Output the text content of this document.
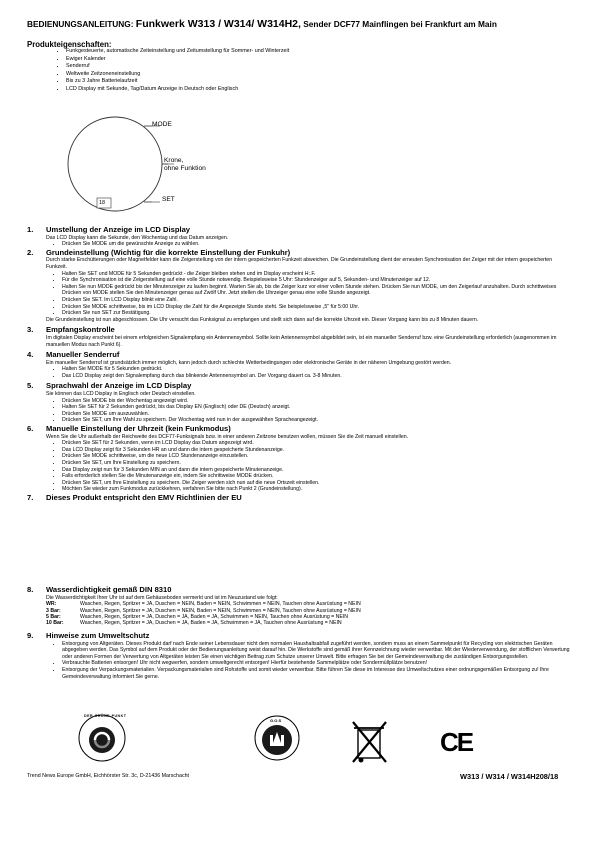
BEDIENUNGSANLEITUNG: Funkwerk W313 / W314/ W314H2, Sender DCF77 Mainflingen bei Frankfurt am Main
Produkteigenschaften:
• Funkgesteuerte, automatische Zeiteinstellung und Zeitumstellung für Sommer- und Winterzeit
• Ewiger Kalender
• Senderruf
• Weltweite Zeitzoneneinstellung
• Bis zu 3 Jahre Batterielaufzeit
• LCD Display mit Sekunde, Tag/Datum Anzeige in Deutsch oder Englisch
MODE
Krone,
ohne Funktion
SET
18
1. Umstellung der Anzeige im LCD Display
Das LCD Display kann die Sekunde, den Wochentag und das Datum anzeigen.
• Drücken Sie MODE um die gewünschte Anzeige zu wählen.
2. Grundeinstellung (Wichtig für die korrekte Einstellung der Funkuhr)
Durch starke Erschütterungen oder Magnetfelder kann die Zeigerstellung von der intern gespeicherten Funkzeit abweichen. Die Grundeinstellung dient der erneuten Synchronisation der Zeiger mit der intern gespeicherten Funkzeit.
• Halten Sie SET und MODE für 5 Sekunden gedrückt - die Zeiger bleiben stehen und im Display erscheint H:.F.
• Für die Synchronisation ist die Zeigerstellung auf eine volle Stunde notwendig. Beispielsweise 5 Uhr: Stundenzeiger auf 5, Sekunden- und Minutenzeiger auf 12.
• Halten Sie nun MODE gedrückt bis der Minutenzeiger zu laufen beginnt. Warten Sie ab, bis die Zeiger kurz vor einer vollen Stunde stehen. Drücken Sie nun MODE, um den Zeigerlauf anzuhalten. Durch schrittweises Drücken von MODE stellen Sie den Minutenzeiger genau auf Zwölf Uhr. Jetzt stellen die Uhrzeiger genau eine volle Stunde angezeigt.
• Drücken Sie SET. Im LCD Display blinkt eine Zahl.
• Drücken Sie MODE schrittweise, bis im LCD Display die Zahl für die Angezeigte Stunde steht. Sie beispielsweise „5" für 5:00 Uhr.
• Drücken Sie nun SET zur Bestätigung.
Die Grundeinstellung ist nun abgeschlossen. Die Uhr versucht das Funksignal zu empfangen und stellt sich dann auf die korrekte Uhrzeit ein. Dieser Vorgang kann bis zu 8 Minuten dauern.
3. Empfangskontrolle
Im digitalen Display erscheint bei einem erfolgreichen Signalempfang ein Antennensymbol. Sollte kein Antennensymbol abgebildet sein, ist ein manueller Senderruf bzw. eine Grundeinstellung erforderlich (ausgenommen im manuellen Modus nach Punkt 6).
4. Manueller Senderruf
Ein manueller Senderruf ist grundsätzlich immer möglich, kann jedoch durch schlechte Wetterbedingungen oder elektronische Geräte in der näheren Umgebung gestört werden.
• Halten Sie MODE für 5 Sekunden gedrückt.
• Das LCD Display zeigt den Signalempfang durch das blinkende Antennensymbol an. Der Vorgang dauert ca. 3-8 Minuten.
5. Sprachwahl der Anzeige im LCD Display
Sie können das LCD Display in Englisch oder Deutsch einstellen.
• Drücken Sie MODE bis der Wochentag angezeigt wird.
• Halten Sie SET für 2 Sekunden gedrückt, bis das Display EN (Englisch) oder DE (Deutsch) anzeigt.
• Drücken Sie MODE um auszuwählen.
• Drücken Sie SET, um Ihre Wahl zu speichern. Der Wochentag wird nun in der ausgewählten Spracheangezeigt.
6. Manuelle Einstellung der Uhrzeit (kein Funkmodus)
Wenn Sie die Uhr außerhalb der Reichweite des DCF77-Funksignals bzw. in einer anderen Zeitzone benutzen wollen, müssen Sie die Zeit manuell einstellen.
• Drücken Sie SET für 2 Sekunden, wenn im LCD Display das Datum angezeigt wird.
• Das LCD Display zeigt für 3 Sekunden HR an und dann die intern gespeicherte Stundenanzeige.
• Drücken Sie MODE schrittweise, um die neue LCD Stundenanzeige einzustellen.
• Drücken Sie SET, um Ihre Einstellung zu speichern.
• Das Display zeigt nun für 3 Sekunden MIN an und dann die intern gespeicherte Minutenanzeige.
• Falls erforderlich stellen Sie die Minutenanzeige ein, indem Sie schrittweise MODE drücken.
• Drücken Sie SET, um Ihre Einstellung zu speichern. Die Zeiger werden sich nun auf die neue Ortszeit einstellen.
• Möchten Sie wieder zum Funkmodus zurückkehren, verfahren Sie bitte nach Punkt 2 (Grundeinstellung).
7. Dieses Produkt entspricht den EMV Richtlinien der EU
8. Wasserdichtigkeit gemäß DIN 8310
Die Wasserdichtigkeit Ihrer Uhr ist auf dem Gehäuseboden vermerkt und ist im Neuzustand wie folgt:
WR:	Waschen, Regen, Spritzer = JA, Duschen = NEIN, Baden = NEIN, Schwimmen = NEIN, Tauchen ohne Ausrüstung = NEIN
3 Bar:	Waschen, Regen, Spritzer = JA, Duschen = NEIN, Baden = NEIN, Schwimmen = NEIN, Tauchen ohne Ausrüstung = NEIN
5 Bar:	Waschen, Regen, Spritzer = JA, Duschen = JA, Baden = JA, Schwimmen = NEIN, Tauchen ohne Ausrüstung = NEIN
10 Bar:	Waschen, Regen, Spritzer = JA, Duschen = JA, Baden = JA, Schwimmen = JA, Tauchen ohne Ausrüstung = NEIN
9. Hinweise zum Umweltschutz
• Entsorgung von Altgeräten. Dieses Produkt darf nach Ende seiner Lebensdauer nicht dem normalen Haushaltsabfall zugeführt werden, sondern muss an einem Sammelpunkt für Recycling von elektrischen Geräten abgegeben werden. Das Symbol auf dem Produkt oder der Bedienungsanleitung weist darauf hin. Die Werkstoffe sind gemäß ihrer Kennzeichnung wieder verwertbar. Mit der Wiederverwendung, der stofflichen Verwertung oder anderen Formen der Verwertung von Altgeräten leisten Sie einen wichtigen Beitrag zum Schutze unserer Umwelt. Bitte erfragen Sie bei der Gemeindeverwaltung die zuständigen Entsorgungsstellen.
• Verbrauchte Batterien entsorgen! Uhr nicht wegwerfen, sondern umweltgerecht entsorgen! Hierfür bestehende Sammelplätze oder Sondermüllplätze benutzen!
• Entsorgung der Verpackungsmaterialien. Verpackungsmaterialien sind Rohstoffe und somit wieder verwertbar. Bitte führen Sie diese im Interesse des Umweltschutzes einer ordnungsgemäßen Entsorgung zu! Ihre Gemeindeverwaltung informiert Sie gerne.
DER GRÜNE PUNKT
G.O.S
CE
Trend News Europe GmbH, Eichhörster Str. 3c, D-21436 Marschacht	W313 / W314 / W314H208/18
